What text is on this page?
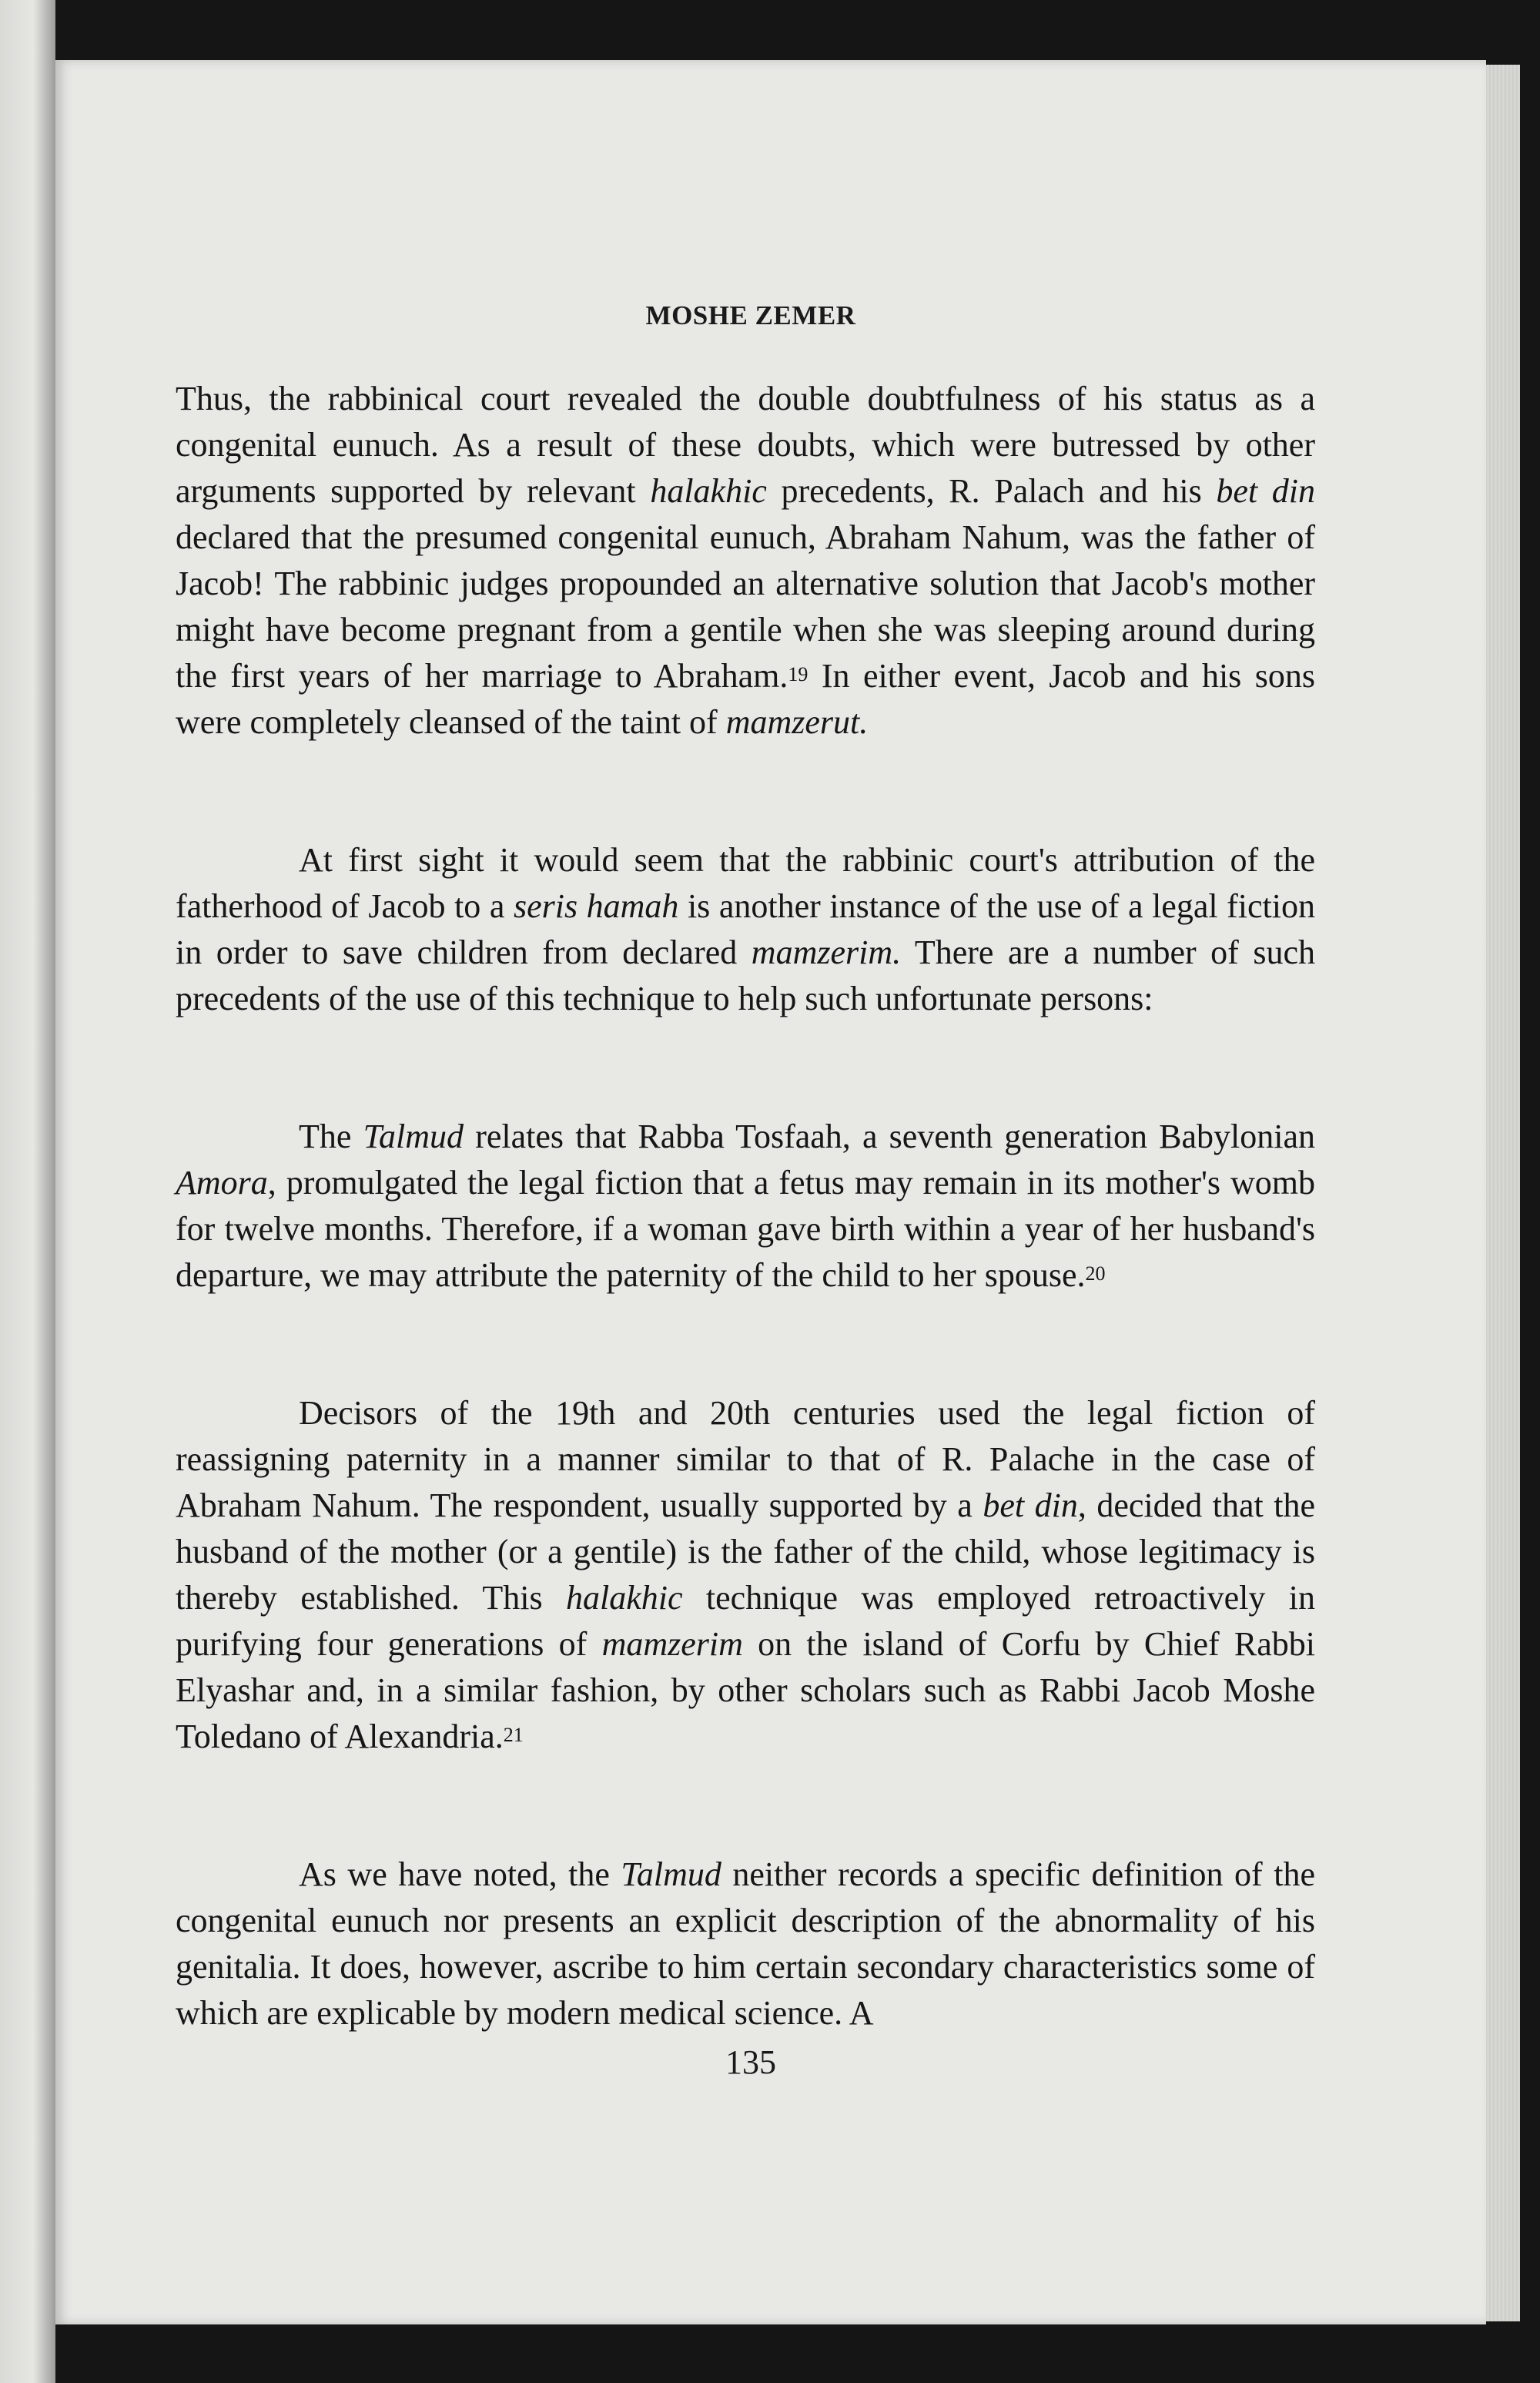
MOSHE ZEMER

Thus, the rabbinical court revealed the double doubtfulness of his status as a congenital eunuch. As a result of these doubts, which were butressed by other arguments supported by relevant halakhic precedents, R. Palach and his bet din declared that the presumed congenital eunuch, Abraham Nahum, was the father of Jacob! The rabbinic judges propounded an alternative solution that Jacob's mother might have become pregnant from a gentile when she was sleeping around during the first years of her marriage to Abraham.$^{19}$ In either event, Jacob and his sons were completely cleansed of the taint of mamzerut.

At first sight it would seem that the rabbinic court's attribution of the fatherhood of Jacob to a seris hamah is another instance of the use of a legal fiction in order to save children from declared mamzerim. There are a number of such precedents of the use of this technique to help such unfortunate persons:

The Talmud relates that Rabba Tosfaah, a seventh generation Babylonian Amora, promulgated the legal fiction that a fetus may remain in its mother's womb for twelve months. Therefore, if a woman gave birth within a year of her husband's departure, we may attribute the paternity of the child to her spouse.$^{20}$

Decisors of the 19th and 20th centuries used the legal fiction of reassigning paternity in a manner similar to that of R. Palache in the case of Abraham Nahum. The respondent, usually supported by a bet din, decided that the husband of the mother (or a gentile) is the father of the child, whose legitimacy is thereby established. This halakhic technique was employed retroactively in purifying four generations of mamzerim on the island of Corfu by Chief Rabbi Elyashar and, in a similar fashion, by other scholars such as Rabbi Jacob Moshe Toledano of Alexandria.$^{21}$

As we have noted, the Talmud neither records a specific definition of the congenital eunuch nor presents an explicit description of the abnormality of his genitalia. It does, however, ascribe to him certain secondary characteristics some of which are explicable by modern medical science. A

135
